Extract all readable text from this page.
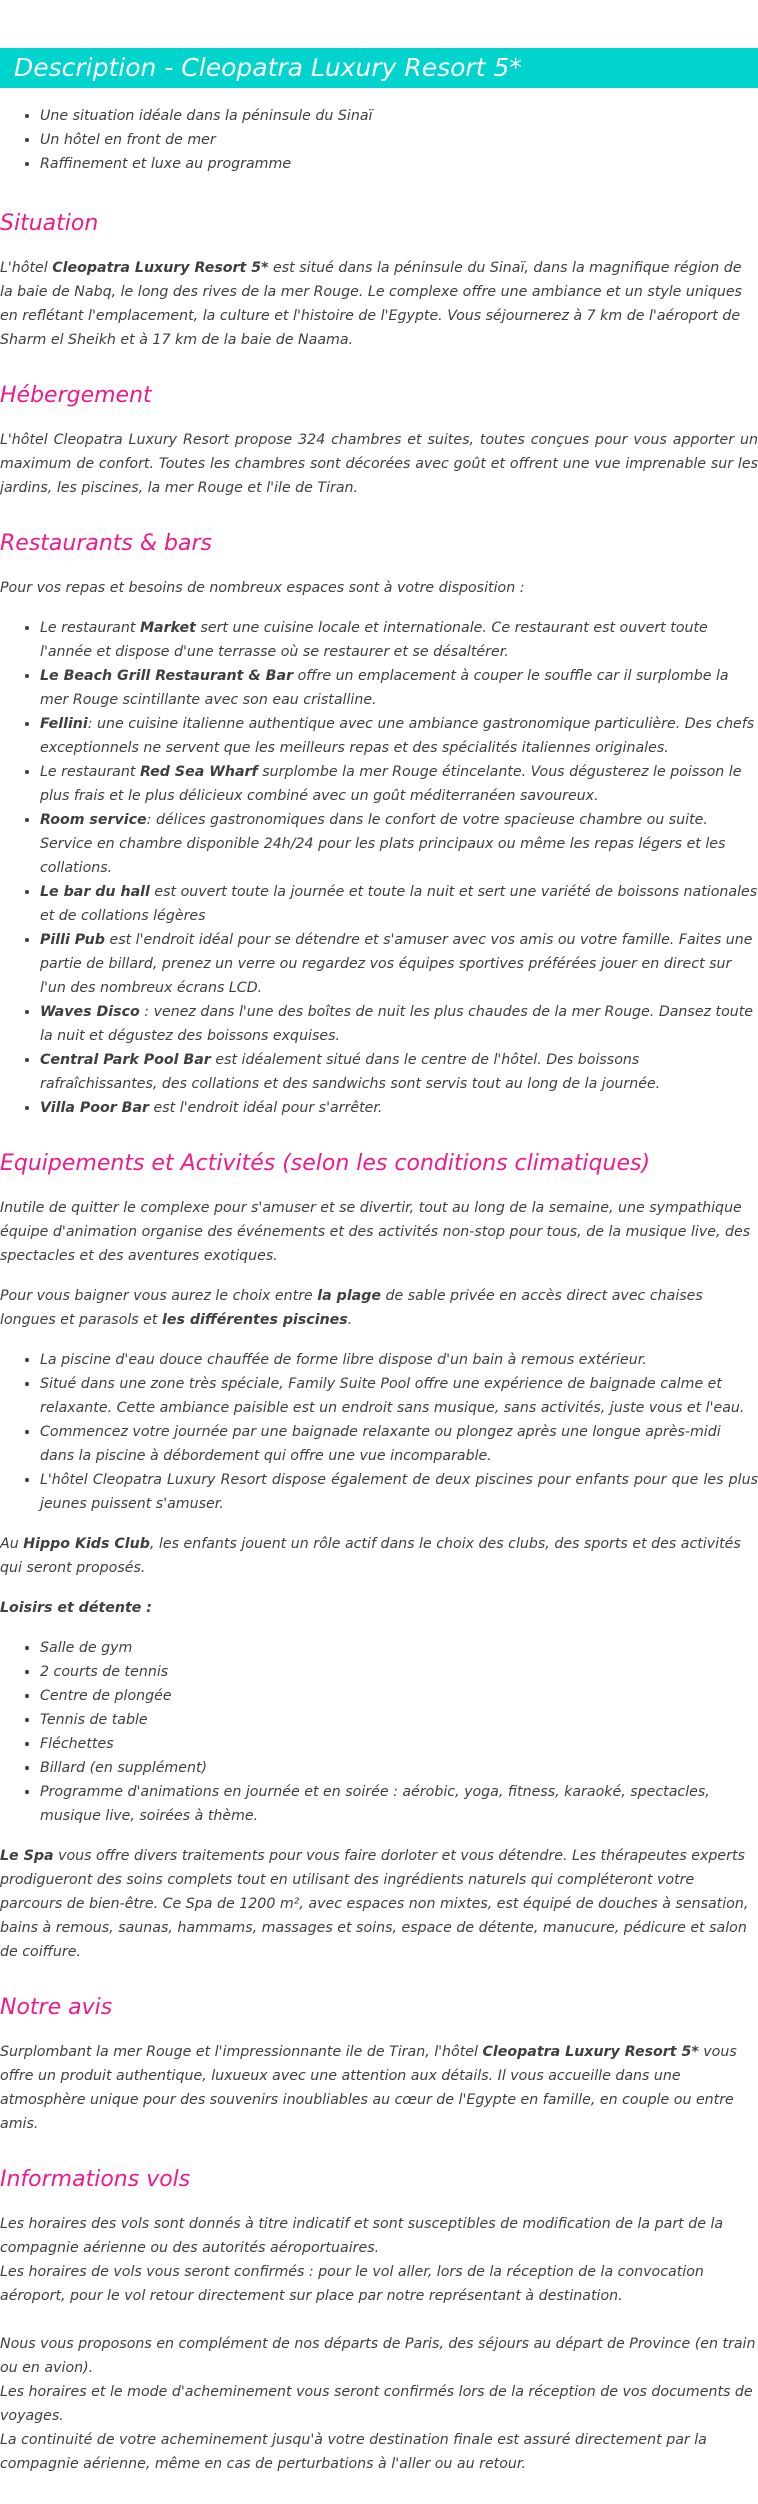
Description - Cleopatra Luxury Resort 5*
• Une situation idéale dans la péninsule du Sinaï
• Un hôtel en front de mer
• Raffinement et luxe au programme
Situation

L'hôtel Cleopatra Luxury Resort 5* est situé dans la péninsule du Sinaï, dans la magnifique région de la baie de Nabq, le long des rives de la mer Rouge. Le complexe offre une ambiance et un style uniques en reflétant l'emplacement, la culture et l'histoire de l'Egypte. Vous séjournerez à 7 km de l'aéroport de Sharm el Sheikh et à 17 km de la baie de Naama.

Hébergement

L'hôtel Cleopatra Luxury Resort propose 324 chambres et suites, toutes conçues pour vous apporter un maximum de confort. Toutes les chambres sont décorées avec goût et offrent une vue imprenable sur les jardins, les piscines, la mer Rouge et l'ile de Tiran.

Restaurants & bars

Pour vos repas et besoins de nombreux espaces sont à votre disposition :

• Le restaurant Market sert une cuisine locale et internationale. Ce restaurant est ouvert toute l'année et dispose d'une terrasse où se restaurer et se désaltérer.
• Le Beach Grill Restaurant & Bar offre un emplacement à couper le souffle car il surplombe la mer Rouge scintillante avec son eau cristalline.
• Fellini: une cuisine italienne authentique avec une ambiance gastronomique particulière. Des chefs exceptionnels ne servent que les meilleurs repas et des spécialités italiennes originales.
• Le restaurant Red Sea Wharf surplombe la mer Rouge étincelante. Vous dégusterez le poisson le plus frais et le plus délicieux combiné avec un goût méditerranéen savoureux.
• Room service: délices gastronomiques dans le confort de votre spacieuse chambre ou suite. Service en chambre disponible 24h/24 pour les plats principaux ou même les repas légers et les collations.
• Le bar du hall est ouvert toute la journée et toute la nuit et sert une variété de boissons nationales et de collations légères
• Pilli Pub est l'endroit idéal pour se détendre et s'amuser avec vos amis ou votre famille. Faites une partie de billard, prenez un verre ou regardez vos équipes sportives préférées jouer en direct sur l'un des nombreux écrans LCD.
• Waves Disco : venez dans l'une des boîtes de nuit les plus chaudes de la mer Rouge. Dansez toute la nuit et dégustez des boissons exquises.
• Central Park Pool Bar est idéalement situé dans le centre de l'hôtel. Des boissons rafraîchissantes, des collations et des sandwichs sont servis tout au long de la journée.
• Villa Poor Bar est l'endroit idéal pour s'arrêter.
Equipements et Activités (selon les conditions climatiques)

Inutile de quitter le complexe pour s'amuser et se divertir, tout au long de la semaine, une sympathique équipe d'animation organise des événements et des activités non-stop pour tous, de la musique live, des spectacles et des aventures exotiques.

Pour vous baigner vous aurez le choix entre la plage de sable privée en accès direct avec chaises longues et parasols et les différentes piscines.

• La piscine d'eau douce chauffée de forme libre dispose d'un bain à remous extérieur.
• Situé dans une zone très spéciale, Family Suite Pool offre une expérience de baignade calme et relaxante. Cette ambiance paisible est un endroit sans musique, sans activités, juste vous et l'eau.
• Commencez votre journée par une baignade relaxante ou plongez après une longue après-midi dans la piscine à débordement qui offre une vue incomparable.
• L'hôtel Cleopatra Luxury Resort dispose également de deux piscines pour enfants pour que les plus jeunes puissent s'amuser.

Au Hippo Kids Club, les enfants jouent un rôle actif dans le choix des clubs, des sports et des activités qui seront proposés.

Loisirs et détente :

• Salle de gym
• 2 courts de tennis
• Centre de plongée
• Tennis de table
• Fléchettes
• Billard (en supplément)
• Programme d'animations en journée et en soirée : aérobic, yoga, fitness, karaoké, spectacles, musique live, soirées à thème.

Le Spa vous offre divers traitements pour vous faire dorloter et vous détendre. Les thérapeutes experts prodigueront des soins complets tout en utilisant des ingrédients naturels qui compléteront votre parcours de bien-être. Ce Spa de 1200 m², avec espaces non mixtes, est équipé de douches à sensation, bains à remous, saunas, hammams, massages et soins, espace de détente, manucure, pédicure et salon de coiffure.

Notre avis

Surplombant la mer Rouge et l'impressionnante ile de Tiran, l'hôtel Cleopatra Luxury Resort 5* vous offre un produit authentique, luxueux avec une attention aux détails. Il vous accueille dans une atmosphère unique pour des souvenirs inoubliables au cœur de l'Egypte en famille, en couple ou entre amis.

Informations vols

Les horaires des vols sont donnés à titre indicatif et sont susceptibles de modification de la part de la compagnie aérienne ou des autorités aéroportuaires.

Les horaires de vols vous seront confirmés : pour le vol aller, lors de la réception de la convocation aéroport, pour le vol retour directement sur place par notre représentant à destination.

Nous vous proposons en complément de nos départs de Paris, des séjours au départ de Province (en train ou en avion).

Les horaires et le mode d'acheminement vous seront confirmés lors de la réception de vos documents de voyages.

La continuité de votre acheminement jusqu'à votre destination finale est assuré directement par la compagnie aérienne, même en cas de perturbations à l'aller ou au retour.
